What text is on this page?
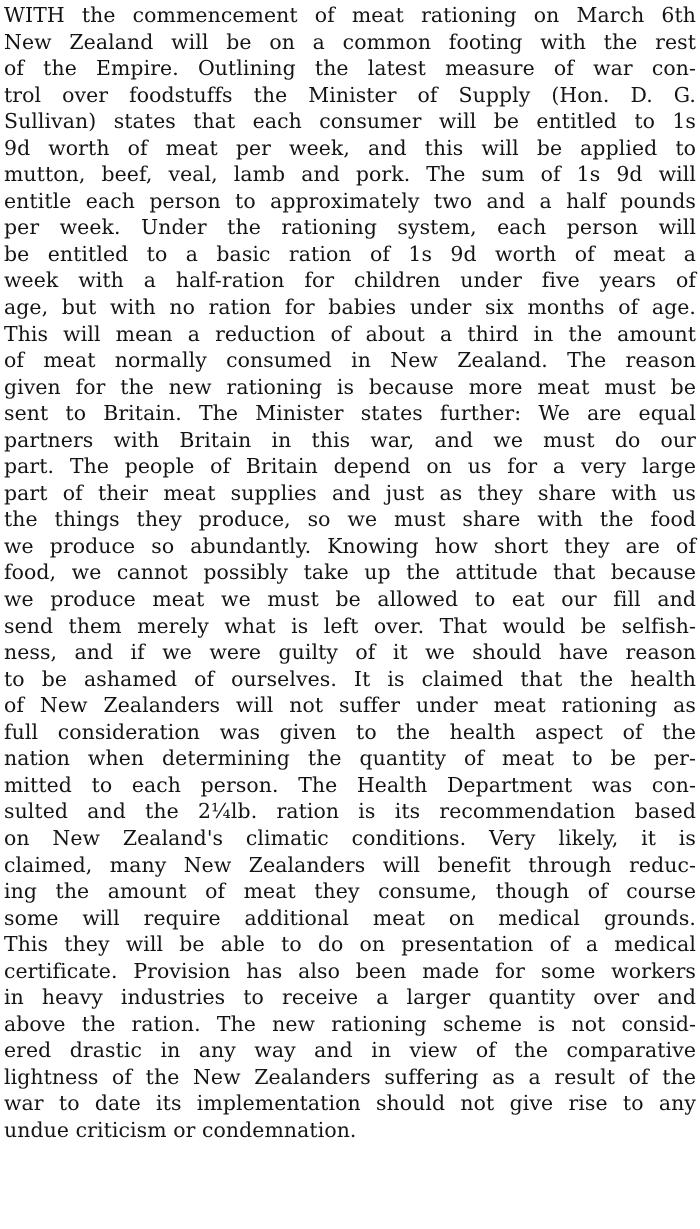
WITH the commencement of meat rationing on March 6th
New Zealand will be on a common footing with the rest
of the Empire. Outlining the latest measure of war con-
trol over foodstuffs the Minister of Supply (Hon. D. G.
Sullivan) states that each consumer will be entitled to 1s
9d worth of meat per week, and this will be applied to
mutton, beef, veal, lamb and pork. The sum of 1s 9d will
entitle each person to approximately two and a half pounds
per week. Under the rationing system, each person will
be entitled to a basic ration of 1s 9d worth of meat a
week with a half-ration for children under five years of
age, but with no ration for babies under six months of age.
This will mean a reduction of about a third in the amount
of meat normally consumed in New Zealand. The reason
given for the new rationing is because more meat must be
sent to Britain. The Minister states further: We are equal
partners with Britain in this war, and we must do our
part. The people of Britain depend on us for a very large
part of their meat supplies and just as they share with us
the things they produce, so we must share with the food
we produce so abundantly. Knowing how short they are of
food, we cannot possibly take up the attitude that because
we produce meat we must be allowed to eat our fill and
send them merely what is left over. That would be selfish-
ness, and if we were guilty of it we should have reason
to be ashamed of ourselves. It is claimed that the health
of New Zealanders will not suffer under meat rationing as
full consideration was given to the health aspect of the
nation when determining the quantity of meat to be per-
mitted to each person. The Health Department was con-
sulted and the 2¼lb. ration is its recommendation based
on New Zealand's climatic conditions. Very likely, it is
claimed, many New Zealanders will benefit through reduc-
ing the amount of meat they consume, though of course
some will require additional meat on medical grounds.
This they will be able to do on presentation of a medical
certificate. Provision has also been made for some workers
in heavy industries to receive a larger quantity over and
above the ration. The new rationing scheme is not consid-
ered drastic in any way and in view of the comparative
lightness of the New Zealanders suffering as a result of the
war to date its implementation should not give rise to any
undue criticism or condemnation.
